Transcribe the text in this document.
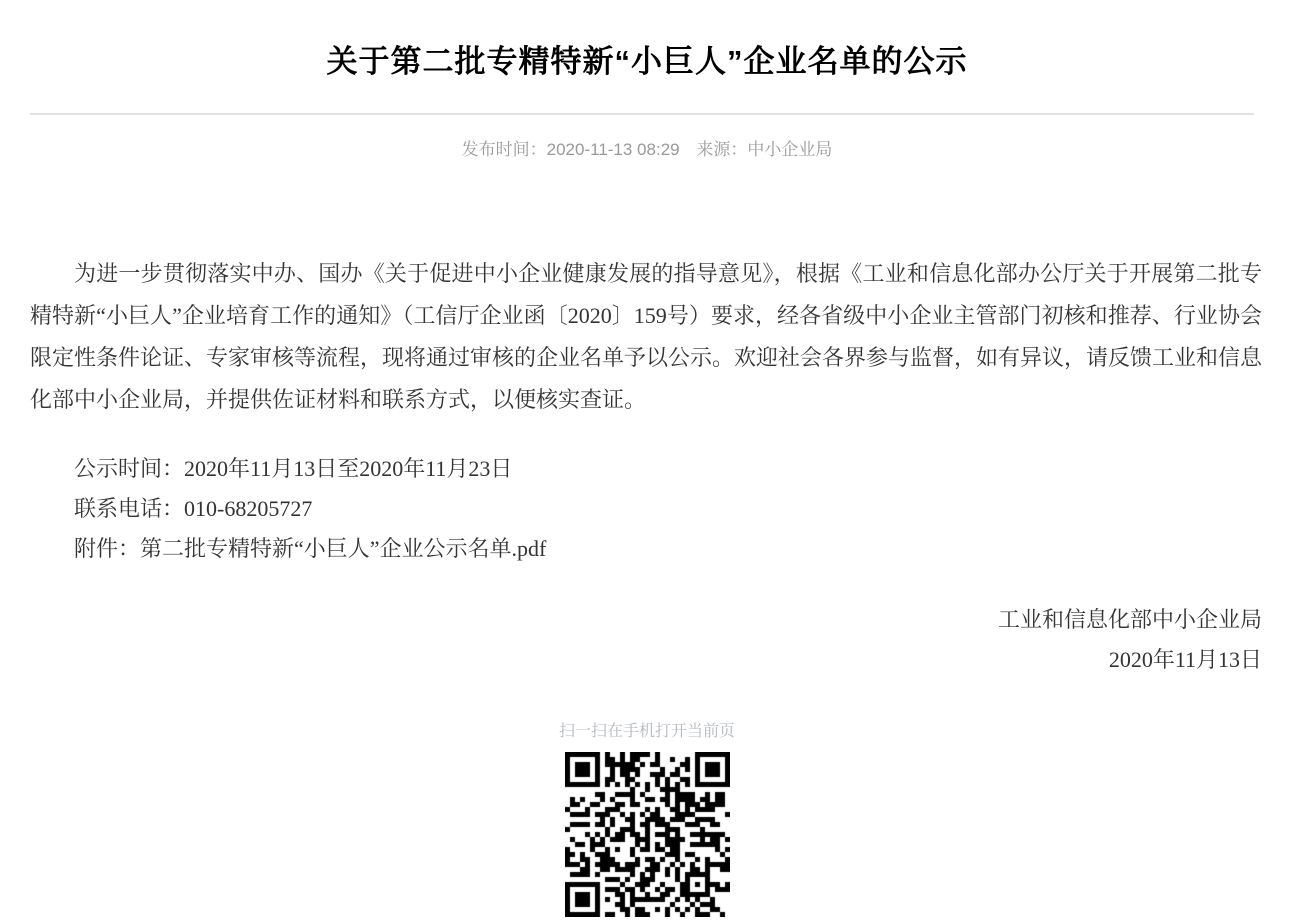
关于第二批专精特新“小巨人”企业名单的公示
发布时间：2020-11-13 08:29 来源：中小企业局

为进一步贯彻落实中办、国办《关于促进中小企业健康发展的指导意见》，根据《工业和信息化部办公厅关于开展第二批专精特新“小巨人”企业培育工作的通知》（工信厅企业函〔2020〕159号）要求，经各省级中小企业主管部门初核和推荐、行业协会限定性条件论证、专家审核等流程，现将通过审核的企业名单予以公示。欢迎社会各界参与监督，如有异议，请反馈工业和信息化部中小企业局，并提供佐证材料和联系方式，以便核实查证。

公示时间：2020年11月13日至2020年11月23日
联系电话：010-68205727
附件：第二批专精特新“小巨人”企业公示名单.pdf
工业和信息化部中小企业局
2020年11月13日
扫一扫在手机打开当前页
